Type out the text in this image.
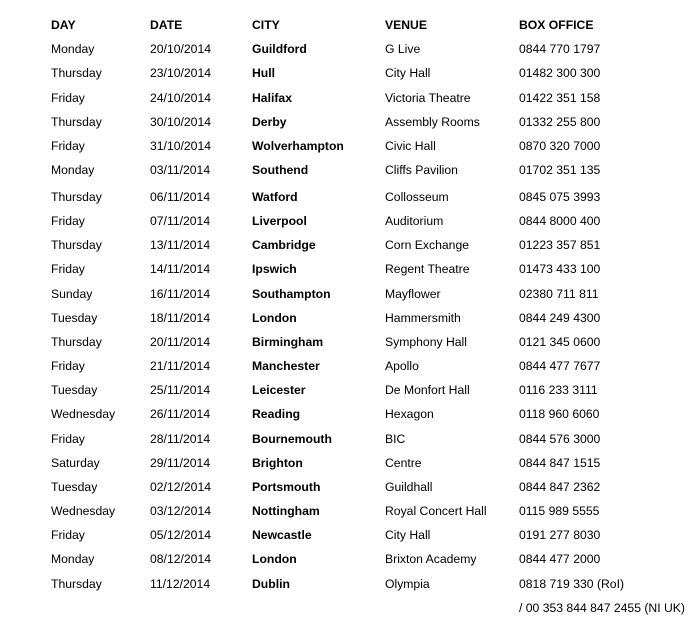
DAY	DATE	CITY	VENUE	BOX OFFICE
Monday	20/10/2014	Guildford	G Live	0844 770 1797
Thursday	23/10/2014	Hull	City Hall	01482 300 300
Friday	24/10/2014	Halifax	Victoria Theatre	01422 351 158
Thursday	30/10/2014	Derby	Assembly Rooms	01332 255 800
Friday	31/10/2014	Wolverhampton	Civic Hall	0870 320 7000
Monday	03/11/2014	Southend	Cliffs Pavilion	01702 351 135
Thursday	06/11/2014	Watford	Collosseum	0845 075 3993
Friday	07/11/2014	Liverpool	Auditorium	0844 8000 400
Thursday	13/11/2014	Cambridge	Corn Exchange	01223 357 851
Friday	14/11/2014	Ipswich	Regent Theatre	01473 433 100
Sunday	16/11/2014	Southampton	Mayflower	02380 711 811
Tuesday	18/11/2014	London	Hammersmith	0844 249 4300
Thursday	20/11/2014	Birmingham	Symphony Hall	0121 345 0600
Friday	21/11/2014	Manchester	Apollo	0844 477 7677
Tuesday	25/11/2014	Leicester	De Monfort Hall	0116 233 3111
Wednesday	26/11/2014	Reading	Hexagon	0118 960 6060
Friday	28/11/2014	Bournemouth	BIC	0844 576 3000
Saturday	29/11/2014	Brighton	Centre	0844 847 1515
Tuesday	02/12/2014	Portsmouth	Guildhall	0844 847 2362
Wednesday	03/12/2014	Nottingham	Royal Concert Hall	0115 989 5555
Friday	05/12/2014	Newcastle	City Hall	0191 277 8030
Monday	08/12/2014	London	Brixton Academy	0844 477 2000
Thursday	11/12/2014	Dublin	Olympia	0818 719 330 (RoI)
/ 00 353 844 847 2455 (NI UK)
